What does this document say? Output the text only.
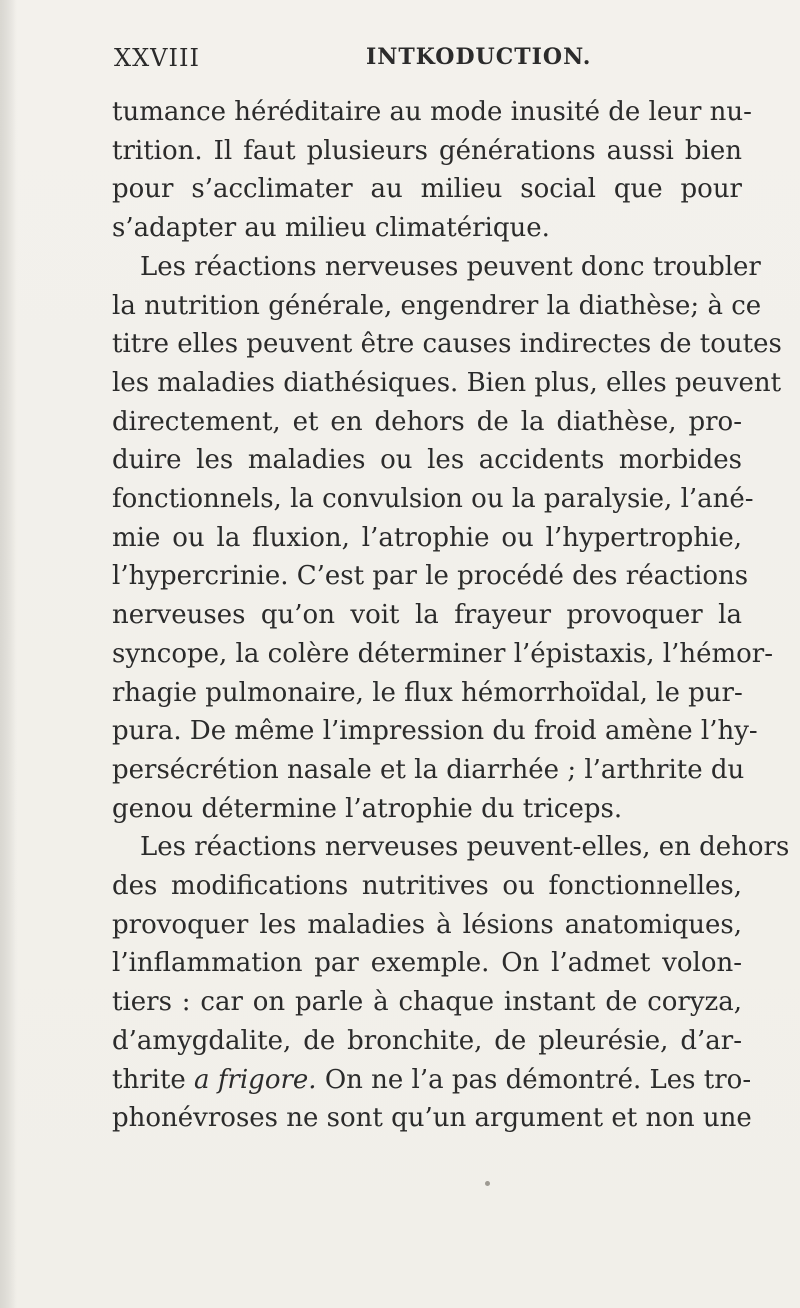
XXVIII	INTKODUCTION.
tumance héréditaire au mode inusité de leur nu-
trition. Il faut plusieurs générations aussi bien
pour s’acclimater au milieu social que pour
s’adapter au milieu climatérique.
Les réactions nerveuses peuvent donc troubler
la nutrition générale, engendrer la diathèse; à ce
titre elles peuvent être causes indirectes de toutes
les maladies diathésiques. Bien plus, elles peuvent
directement, et en dehors de la diathèse, pro-
duire les maladies ou les accidents morbides
fonctionnels, la convulsion ou la paralysie, l’ané-
mie ou la fluxion, l’atrophie ou l’hypertrophie,
l’hypercrinie. C’est par le procédé des réactions
nerveuses qu’on voit la frayeur provoquer la
syncope, la colère déterminer l’épistaxis, l’hémor-
rhagie pulmonaire, le flux hémorrhoïdal, le pur-
pura. De même l’impression du froid amène l’hy-
persécrétion nasale et la diarrhée ; l’arthrite du
genou détermine l’atrophie du triceps.
Les réactions nerveuses peuvent-elles, en dehors
des modifications nutritives ou fonctionnelles,
provoquer les maladies à lésions anatomiques,
l’inflammation par exemple. On l’admet volon-
tiers : car on parle à chaque instant de coryza,
d’amygdalite, de bronchite, de pleurésie, d’ar-
thrite a frigore. On ne l’a pas démontré. Les tro-
phonévroses ne sont qu’un argument et non une
